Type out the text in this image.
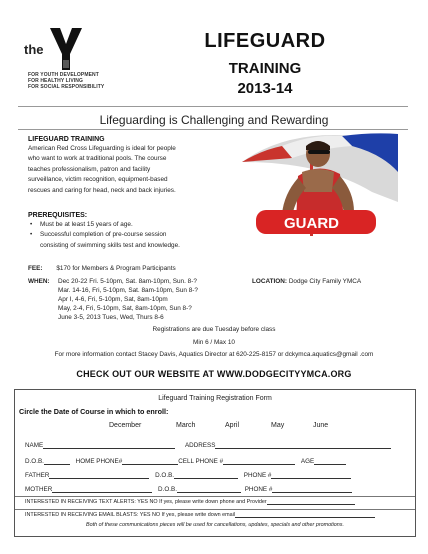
the
FOR YOUTH DEVELOPMENT
FOR HEALTHY LIVING
FOR SOCIAL RESPONSIBILITY
LIFEGUARD
TRAINING
2013-14
Lifeguarding is Challenging and Rewarding
LIFEGUARD TRAINING
American Red Cross Lifeguarding is ideal for people
who want to work at traditional pools. The course
teaches professionalism, patron and facility
surveillance, victim recognition, equipment-based
rescues and caring for head, neck and back injuries.
PREREQUISITES:
• Must be at least 15 years of age.
• Successful completion of pre-course session
consisting of swimming skills test and knowledge.
GUARD
FEE: $170 for Members & Program Participants
WHEN: Dec 20-22 Fri. 5-10pm, Sat. 8am-10pm, Sun. 8-?
Mar. 14-16, Fri, 5-10pm, Sat. 8am-10pm, Sun 8-?
Apr I, 4-6, Fri, 5-10pm, Sat, 8am-10pm
May, 2-4, Fri, 5-10pm, Sat, 8am-10pm, Sun 8-?
June 3-5, 2013 Tues, Wed, Thurs 8-6
LOCATION: Dodge City Family YMCA
Registrations are due Tuesday before class
Min 6 / Max 10
For more information contact Stacey Davis, Aquatics Director at 620-225-8157 or dckymca.aquatics@gmail .com
CHECK OUT OUR WEBSITE AT WWW.DODGECITYYMCA.ORG
Lifeguard Training Registration Form
Circle the Date of Course in which to enroll:
December	March	April	May	June
NAME	ADDRESS
D.O.B.	HOME PHONE#	CELL PHONE #	AGE
FATHER	D.O.B.	PHONE #
MOTHER	D.O.B.	PHONE #
INTERESTED IN RECEIVING TEXT ALERTS: YES NO If yes, please write down phone and Provider
INTERESTED IN RECEIVING EMAIL BLASTS: YES NO If yes, please write down email
Both of these communications pieces will be used for cancellations, updates, specials and other promotions.
